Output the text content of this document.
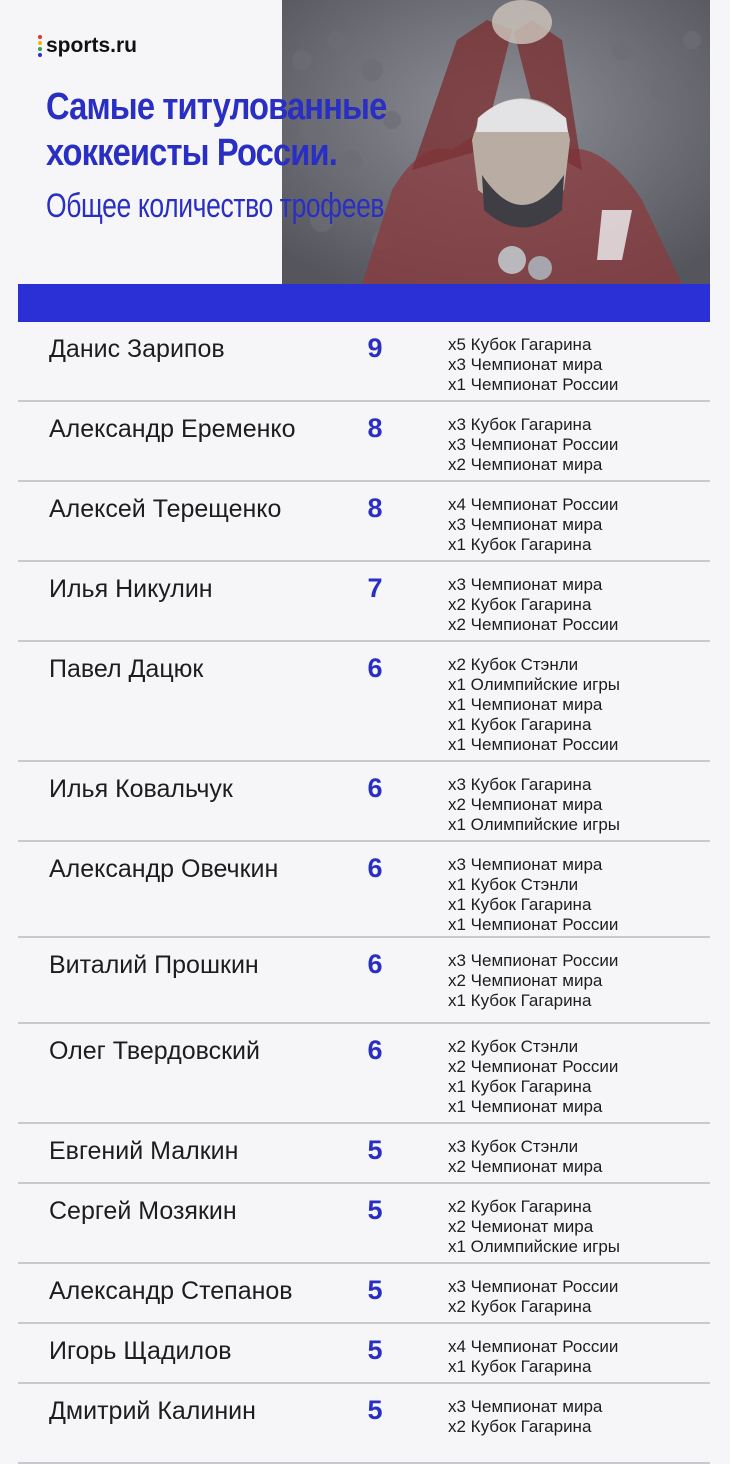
sports.ru
Самые титулованные
хоккеисты России.
Общее количество трофеев
Данис Зарипов	9	x5 Кубок Гагарина
x3 Чемпионат мира
x1 Чемпионат России
Александр Еременко	8	x3 Кубок Гагарина
x3 Чемпионат России
x2 Чемпионат мира
Алексей Терещенко	8	x4 Чемпионат России
x3 Чемпионат мира
x1 Кубок Гагарина
Илья Никулин	7	x3 Чемпионат мира
x2 Кубок Гагарина
x2 Чемпионат России
Павел Дацюк	6	x2 Кубок Стэнли
x1 Олимпийские игры
x1 Чемпионат мира
x1 Кубок Гагарина
x1 Чемпионат России
Илья Ковальчук	6	x3 Кубок Гагарина
x2 Чемпионат мира
x1 Олимпийские игры
Александр Овечкин	6	x3 Чемпионат мира
x1 Кубок Стэнли
x1 Кубок Гагарина
x1 Чемпионат России
Виталий Прошкин	6	x3 Чемпионат России
x2 Чемпионат мира
x1 Кубок Гагарина
Олег Твердовский	6	x2 Кубок Стэнли
x2 Чемпионат России
x1 Кубок Гагарина
x1 Чемпионат мира
Евгений Малкин	5	x3 Кубок Стэнли
x2 Чемпионат мира
Сергей Мозякин	5	x2 Кубок Гагарина
x2 Чемионат мира
x1 Олимпийские игры
Александр Степанов	5	x3 Чемпионат России
x2 Кубок Гагарина
Игорь Щадилов	5	x4 Чемпионат России
x1 Кубок Гагарина
Дмитрий Калинин	5	x3 Чемпионат мира
x2 Кубок Гагарина
